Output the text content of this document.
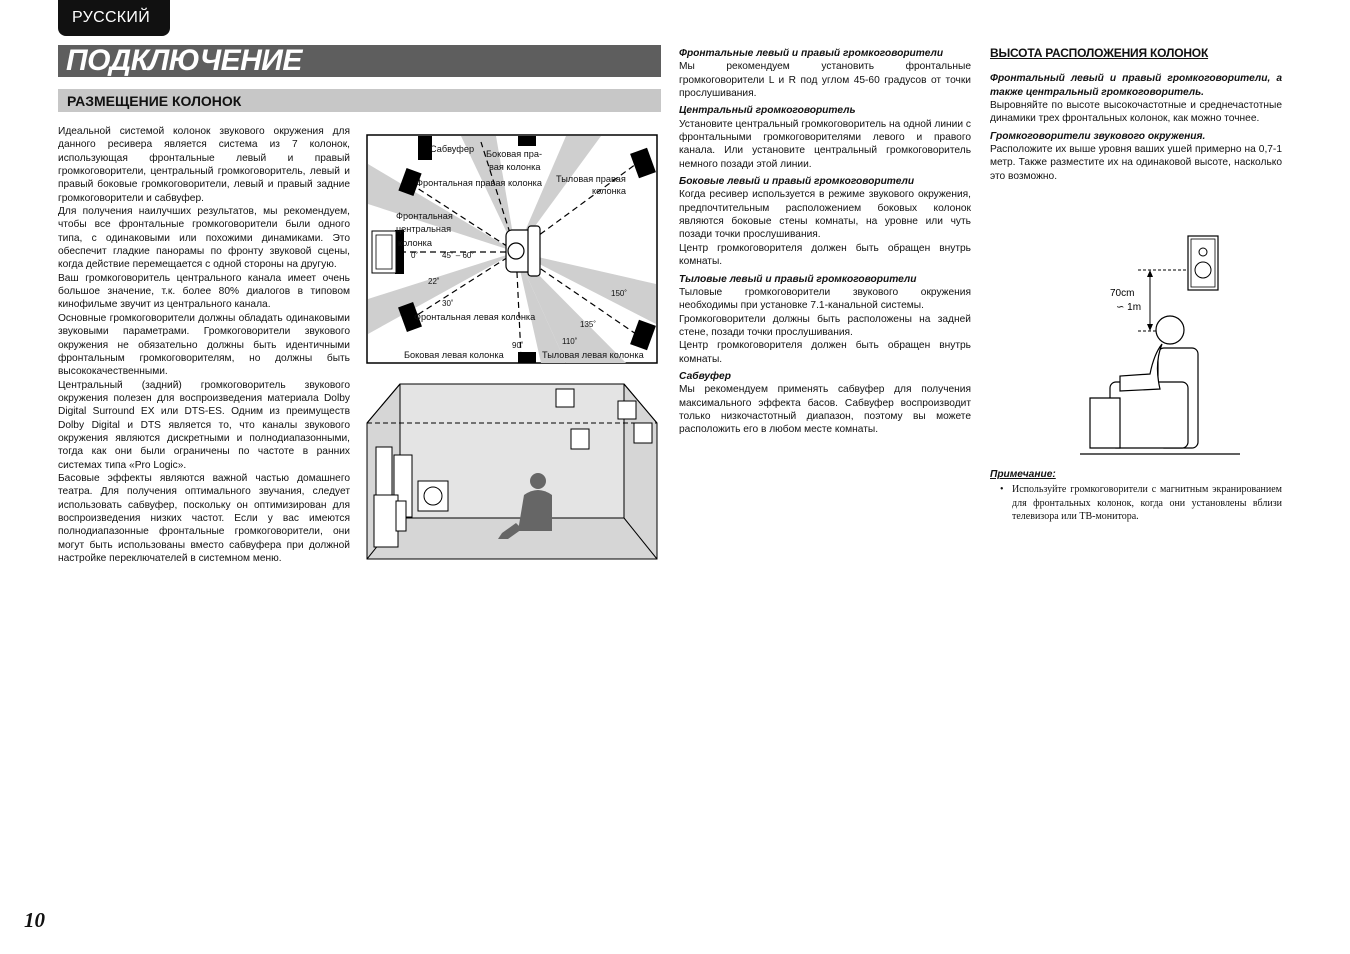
РУССКИЙ
ПОДКЛЮЧЕНИЕ
РАЗМЕЩЕНИЕ КОЛОНОК

Идеальной системой колонок звукового окружения для данного ресивера является система из 7 колонок, использующая фронтальные левый и правый громкоговорители, центральный громкоговоритель, левый и правый боковые громкоговорители, левый и правый задние громкоговорители и сабвуфер.

Для получения наилучших результатов, мы рекомендуем, чтобы все фронтальные громкоговорители были одного типа, с одинаковыми или похожими динамиками. Это обеспечит гладкие панорамы по фронту звуковой сцены, когда действие перемещается с одной стороны на другую.

Ваш громкоговоритель центрального канала имеет очень большое значение, т.к. более 80% диалогов в типовом кинофильме звучит из центрального канала.

Основные громкоговорители должны обладать одинаковыми звуковыми параметрами. Громкоговорители звукового окружения не обязательно должны быть идентичными фронтальным громкоговорителям, но должны быть высококачественными.

Центральный (задний) громкоговоритель звукового окружения полезен для воспроизведения материала Dolby Digital Surround EX или DTS-ES. Одним из преимуществ Dolby Digital и DTS является то, что каналы звукового окружения являются дискретными и полнодиапазонными, тогда как они были ограничены по частоте в ранних системах типа «Pro Logic».

Басовые эффекты являются важной частью домашнего театра. Для получения оптимального звучания, следует использовать сабвуфер, поскольку он оптимизирован для воспроизведения низких частот. Если у вас имеются полнодиапазонные фронтальные громкоговорители, они могут быть использованы вместо сабвуфера при должной настройке переключателей в системном меню.

Сабвуфер Боковая пра-
вая колонка
Тыловая правая
колонка
Фронтальная правая колонка
Фронтальная
центральная
колонка
Фронтальная левая колонка
Боковая левая колонка	Тыловая левая колонка
0˚	45˚ – 60˚
22˚
30˚
90˚	110˚
135˚
150˚

Фронтальные левый и правый громкоговорители

Мы рекомендуем установить фронтальные громкоговорители L и R под углом 45-60 градусов от точки прослушивания.

Центральный громкоговоритель

Установите центральный громкоговоритель на одной линии с фронтальными громкоговорителями левого и правого канала. Или установите центральный громкоговоритель немного позади этой линии.

Боковые левый и правый громкоговорители

Когда ресивер используется в режиме звукового окружения, предпочтительным расположением боковых колонок являются боковые стены комнаты, на уровне или чуть позади точки прослушивания.

Центр громкоговорителя должен быть обращен внутрь комнаты.

Тыловые левый и правый громкоговорители

Тыловые громкоговорители звукового окружения необходимы при установке 7.1-канальной системы.

Громкоговорители должны быть расположены на задней стене, позади точки прослушивания.

Центр громкоговорителя должен быть обращен внутрь комнаты.

Сабвуфер

Мы рекомендуем применять сабвуфер для получения максимального эффекта басов. Сабвуфер воспроизводит только низкочастотный диапазон, поэтому вы можете расположить его в любом месте комнаты.

ВЫСОТА РАСПОЛОЖЕНИЯ КОЛОНОК

Фронтальный левый и правый громкоговорители, а также центральный громкоговоритель.

Выровняйте по высоте высокочастотные и среднечастотные динамики трех фронтальных колонок, как можно точнее.

Громкоговорители звукового окружения.

Расположите их выше уровня ваших ушей примерно на 0,7-1 метр. Также разместите их на одинаковой высоте, насколько это возможно.

70cm
∽ 1m
Примечание:
• Используйте громкоговорители с магнитным экранированием для фронтальных колонок, когда они установлены вблизи телевизора или ТВ-монитора.
10
